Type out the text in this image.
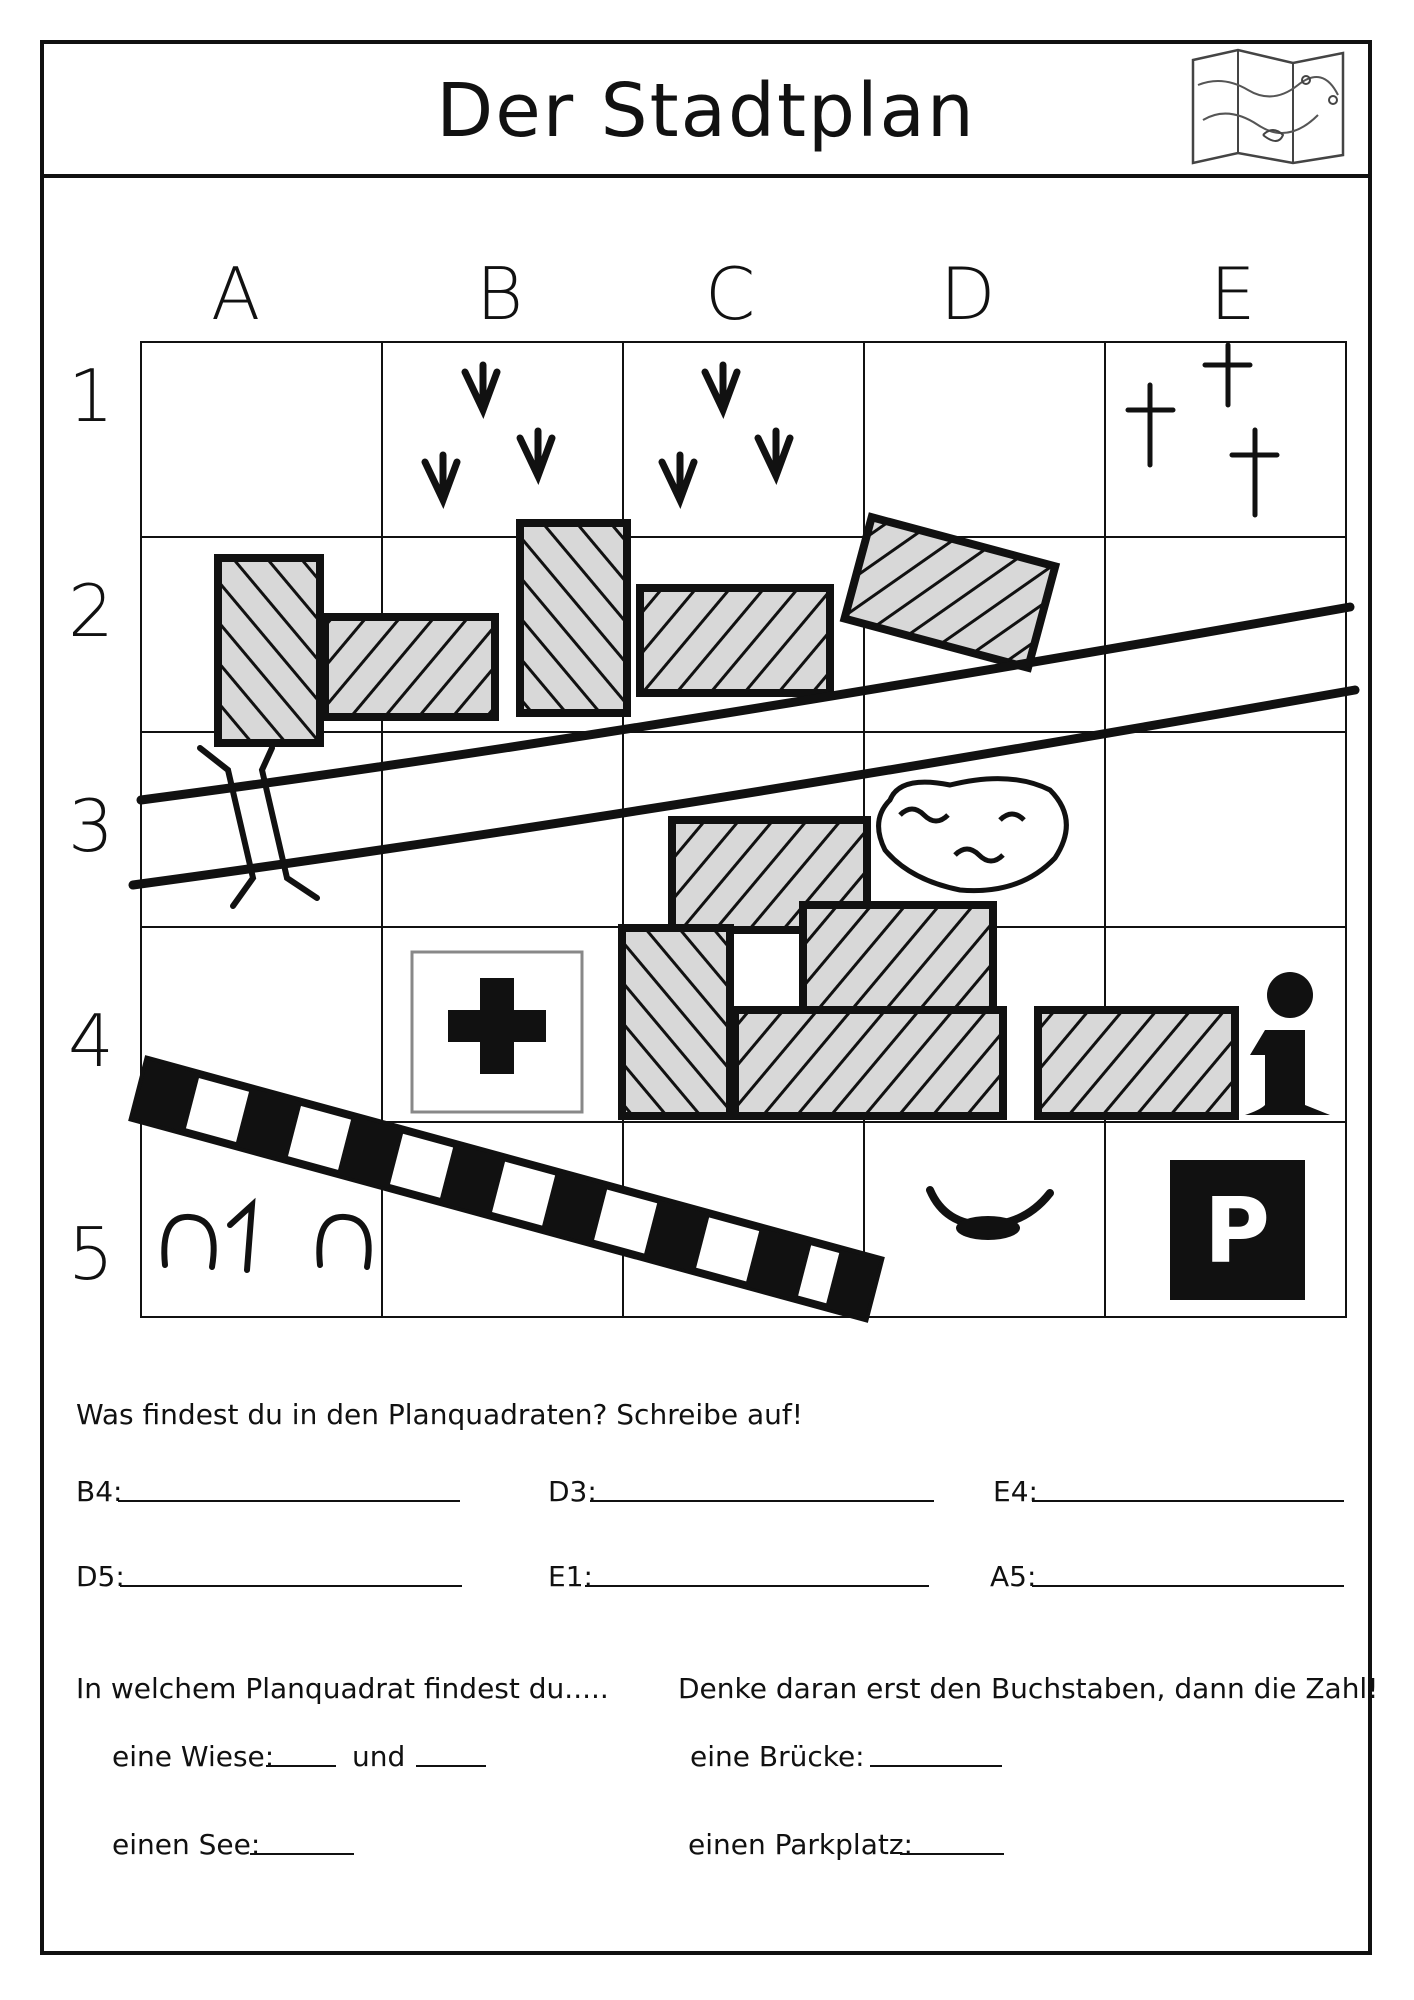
Der Stadtplan
A	B	C	D	E
1
2
3
4
5	P
Was findest du in den Planquadraten? Schreibe auf!
B4:	D3:	E4:
D5:	E1:	A5:
In welchem Planquadrat findest du..... Denke daran erst den Buchstaben, dann die Zahl!
eine Wiese:	und	eine Brücke:
einen See:	einen Parkplatz:
